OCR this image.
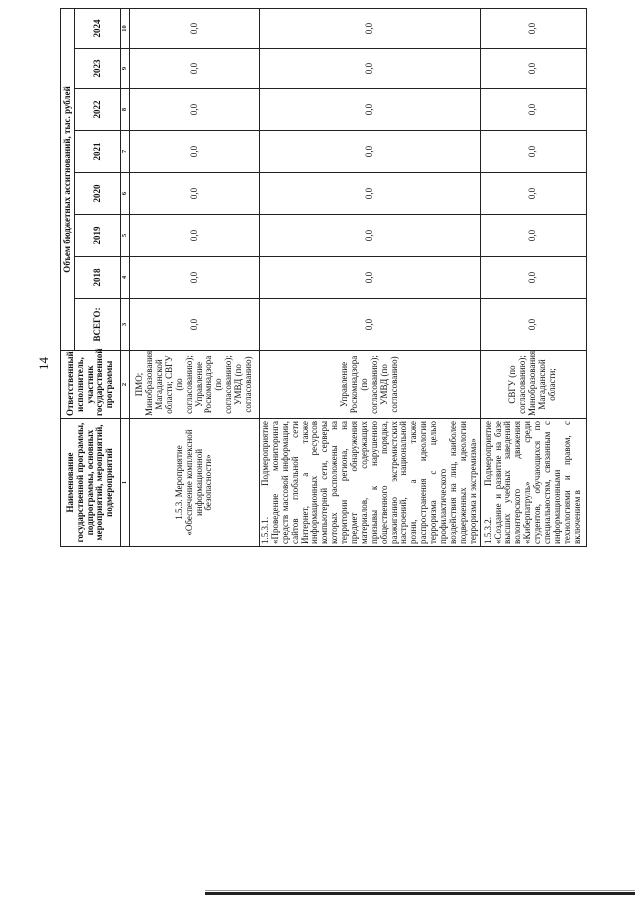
14
Наименование государственной программы, подпрограммы, основных мероприятий, мероприятий, подмероприятий	Ответственный исполнитель, участник государственной программы	Объем бюджетных ассигнований, тыс. рублей							
		ВСЕГО:	2018	2019	2020	2021	2022	2023	2024
1	2	3	4	5	6	7	8	9	10
1.5.3. Мероприятие «Обеспечение комплексной информационной безопасности»	ПМО; Минобразования Магаданской области; СВГУ (по согласованию); Управление Роскомнадзора (по согласованию); УМВД (по согласованию)	0,0	0,0	0,0	0,0	0,0	0,0	0,0	0,0
1.5.3.1. Подмероприятие «Проведение мониторинга средств массовой информации, сайтов глобальной сети Интернет, а также информационных ресурсов компьютерной сети, серверы которых расположены на территории региона, на предмет обнаружения материалов, содержащих призывы к нарушению общественного порядка, разжиганию экстремистских настроений, национальной розни, а также распространения идеологии терроризма с целью профилактического воздействия на лиц, наиболее подверженных идеологии терроризма и экстремизма»	Управление Роскомнадзора (по согласованию); УМВД (по согласованию)	0,0	0,0	0,0	0,0	0,0	0,0	0,0	0,0
1.5.3.2. Подмероприятие «Создание и развитие на базе высших учебных заведений волонтерского движения «Киберпатруль» среди студентов, обучающихся по специальностям, связанным с информационными технологиями и правом, с включением в	СВГУ (по согласованию); Минобразования Магаданской области;	0,0	0,0	0,0	0,0	0,0	0,0	0,0	0,0
